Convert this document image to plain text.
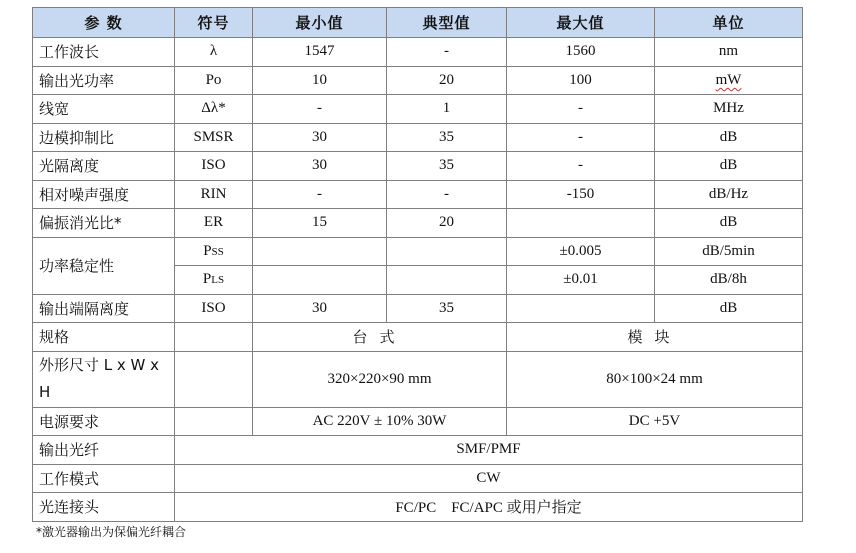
参 数	符号	最小值	典型值	最大值	单位
工作波长	λ	1547	-	1560	nm
输出光功率	Po	10	20	100	mW
线宽	Δλ*	-	1	-	MHz
边模抑制比	SMSR	30	35	-	dB
光隔离度	ISO	30	35	-	dB
相对噪声强度	RIN	-	-	-150	dB/Hz
偏振消光比*	ER	15	20		dB
功率稳定性	PSS			±0.005	dB/5min
	PLS			±0.01	dB/8h
输出端隔离度	ISO	30	35		dB
规格		台式		模块	
外形尺寸 L x W x H		320×220×90 mm		80×100×24 mm	
电源要求		AC 220V ± 10% 30W		DC +5V	
输出光纤	SMF/PMF				
工作模式	CW				
光连接头	FC/PC    FC/APC 或用户指定				
*激光器输出为保偏光纤耦合
